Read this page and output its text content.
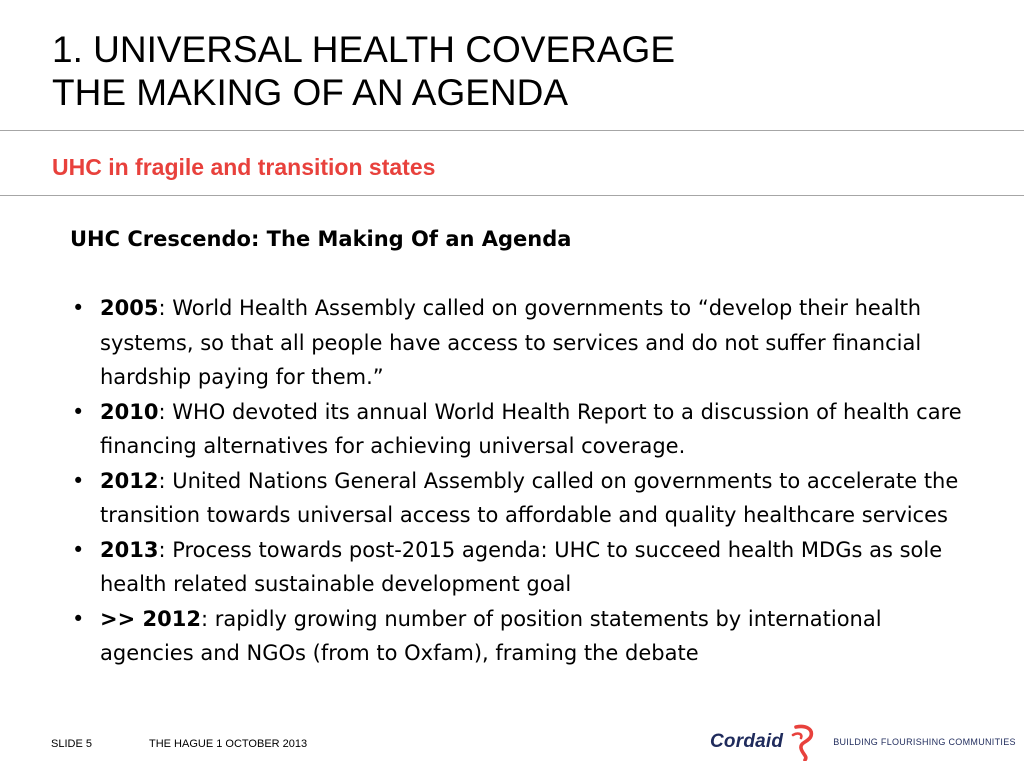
1. UNIVERSAL HEALTH COVERAGE
THE MAKING OF AN AGENDA
UHC in fragile and transition states
UHC Crescendo: The Making Of an Agenda
• 2005: World Health Assembly called on governments to “develop their health systems, so that all people have access to services and do not suffer financial hardship paying for them.”
• 2010: WHO devoted its annual World Health Report to a discussion of health care financing alternatives for achieving universal coverage.
• 2012: United Nations General Assembly called on governments to accelerate the transition towards universal access to affordable and quality healthcare services
• 2013: Process towards post-2015 agenda: UHC to succeed health MDGs as sole health related sustainable development goal
• >> 2012: rapidly growing number of position statements by international agencies and NGOs (from to Oxfam), framing the debate
SLIDE 5	THE HAGUE 1 OCTOBER 2013	Cordaid	BUILDING FLOURISHING COMMUNITIES
